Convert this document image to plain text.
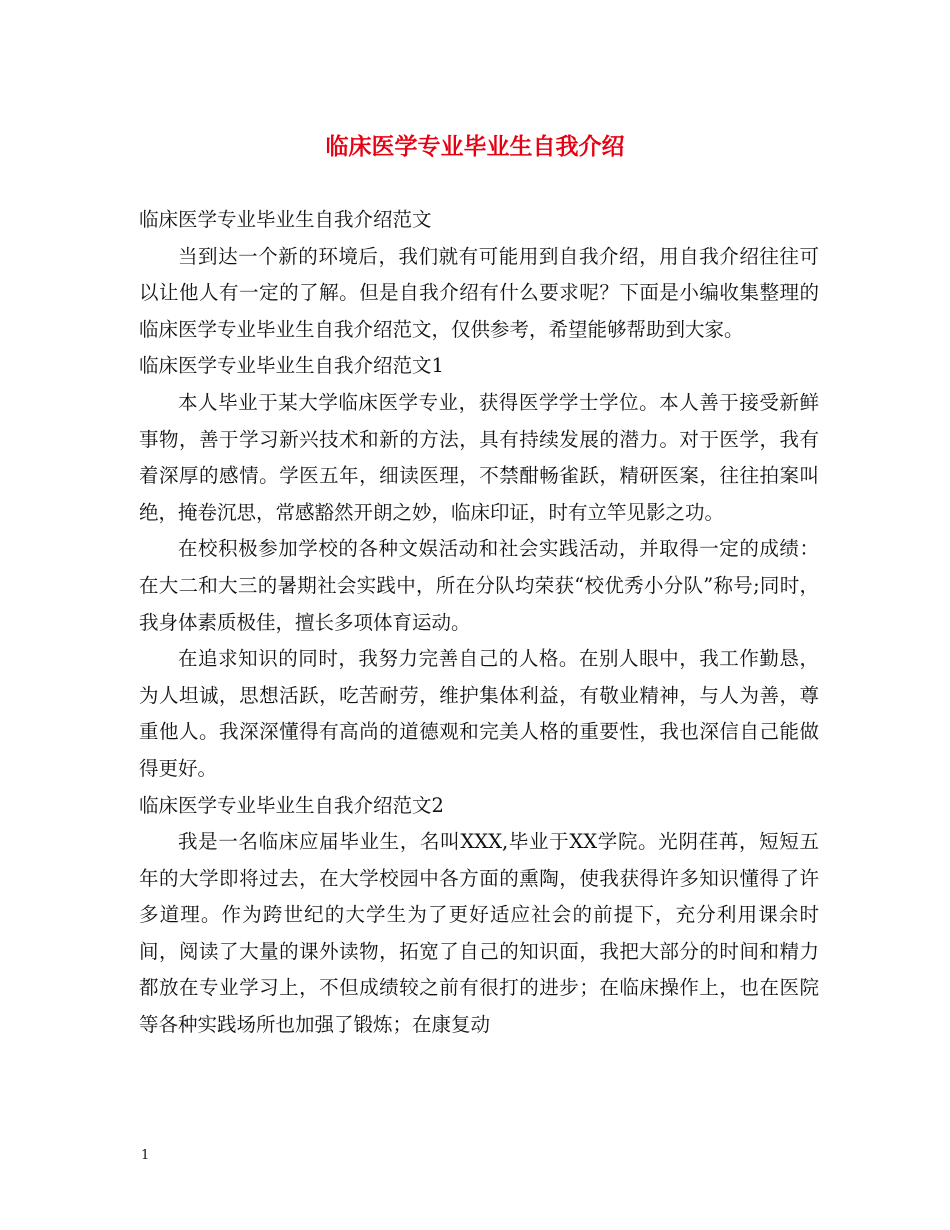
临床医学专业毕业生自我介绍

临床医学专业毕业生自我介绍范文

当到达一个新的环境后，我们就有可能用到自我介绍，用自我介绍往往可以让他人有一定的了解。但是自我介绍有什么要求呢？下面是小编收集整理的临床医学专业毕业生自我介绍范文，仅供参考，希望能够帮助到大家。

临床医学专业毕业生自我介绍范文1

本人毕业于某大学临床医学专业，获得医学学士学位。本人善于接受新鲜事物，善于学习新兴技术和新的方法，具有持续发展的潜力。对于医学，我有着深厚的感情。学医五年，细读医理，不禁酣畅雀跃，精研医案，往往拍案叫绝，掩卷沉思，常感豁然开朗之妙，临床印证，时有立竿见影之功。

在校积极参加学校的各种文娱活动和社会实践活动，并取得一定的成绩：在大二和大三的暑期社会实践中，所在分队均荣获“校优秀小分队”称号;同时，我身体素质极佳，擅长多项体育运动。

在追求知识的同时，我努力完善自己的人格。在别人眼中，我工作勤恳，为人坦诚，思想活跃，吃苦耐劳，维护集体利益，有敬业精神，与人为善，尊重他人。我深深懂得有高尚的道德观和完美人格的重要性，我也深信自己能做得更好。

临床医学专业毕业生自我介绍范文2

我是一名临床应届毕业生，名叫XXX,毕业于XX学院。光阴荏苒，短短五年的大学即将过去，在大学校园中各方面的熏陶，使我获得许多知识懂得了许多道理。作为跨世纪的大学生为了更好适应社会的前提下，充分利用课余时间，阅读了大量的课外读物，拓宽了自己的知识面，我把大部分的时间和精力都放在专业学习上，不但成绩较之前有很打的进步；在临床操作上，也在医院等各种实践场所也加强了锻炼；在康复动

1
